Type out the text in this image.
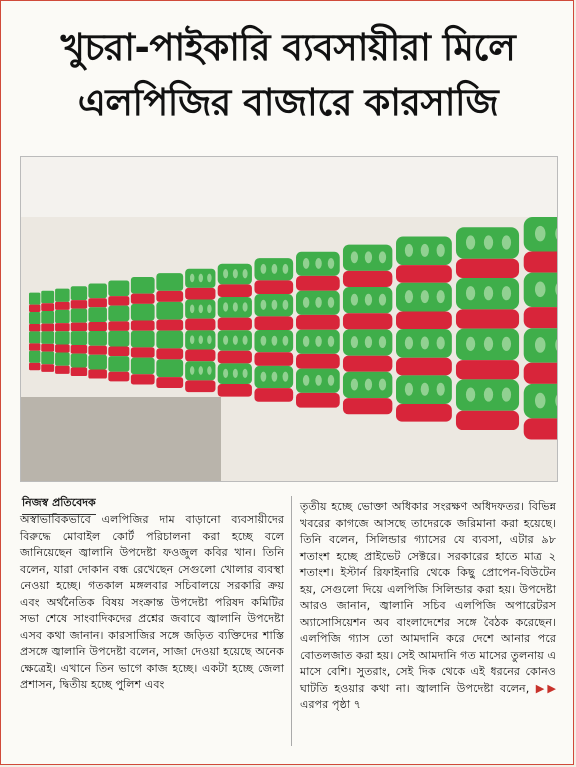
খুচরা-পাইকারি ব্যবসায়ীরা মিলে
এলপিজির বাজারে কারসাজি
নিজস্ব প্রতিবেদক
অস্বাভাবিকভাবে এলপিজির দাম বাড়ানো ব্যবসায়ীদের বিরুদ্ধে মোবাইল কোর্ট পরিচালনা করা হচ্ছে বলে জানিয়েছেন জ্বালানি উপদেষ্টা ফওজুল কবির খান। তিনি বলেন, যারা দোকান বন্ধ রেখেছেন সেগুলো খোলার ব্যবস্থা নেওয়া হচ্ছে। গতকাল মঙ্গলবার সচিবালয়ে সরকারি ক্রয় এবং অর্থনৈতিক বিষয় সংক্রান্ত উপদেষ্টা পরিষদ কমিটির সভা শেষে সাংবাদিকদের প্রশ্নের জবাবে জ্বালানি উপদেষ্টা এসব কথা জানান। কারসাজির সঙ্গে জড়িত ব্যক্তিদের শাস্তি প্রসঙ্গে জ্বালানি উপদেষ্টা বলেন, সাজা দেওয়া হয়েছে অনেক ক্ষেত্রেই। এখানে তিন ভাগে কাজ হচ্ছে। একটা হচ্ছে জেলা প্রশাসন, দ্বিতীয় হচ্ছে পুলিশ এবং
তৃতীয় হচ্ছে ভোক্তা অধিকার সংরক্ষণ অধিদফতর। বিভিন্ন খবরের কাগজে আসছে তাদেরকে জরিমানা করা হয়েছে। তিনি বলেন, সিলিন্ডার গ্যাসের যে ব্যবসা, এটার ৯৮ শতাংশ হচ্ছে প্রাইভেট সেক্টরে। সরকারের হাতে মাত্র ২ শতাংশ। ইস্টার্ন রিফাইনারি থেকে কিছু প্রোপেন-বিউটেন হয়, সেগুলো দিয়ে এলপিজি সিলিন্ডার করা হয়। উপদেষ্টা আরও জানান, জ্বালানি সচিব এলপিজি অপারেটরস অ্যাসোসিয়েশন অব বাংলাদেশের সঙ্গে বৈঠক করেছেন। এলপিজি গ্যাস তো আমদানি করে দেশে আনার পরে বোতলজাত করা হয়। সেই আমদানি গত মাসের তুলনায় এ মাসে বেশি। সুতরাং, সেই দিক থেকে এই ধরনের কোনও ঘাটতি হওয়ার কথা না। জ্বালানি উপদেষ্টা বলেন, ▶▶ এরপর পৃষ্ঠা ৭
